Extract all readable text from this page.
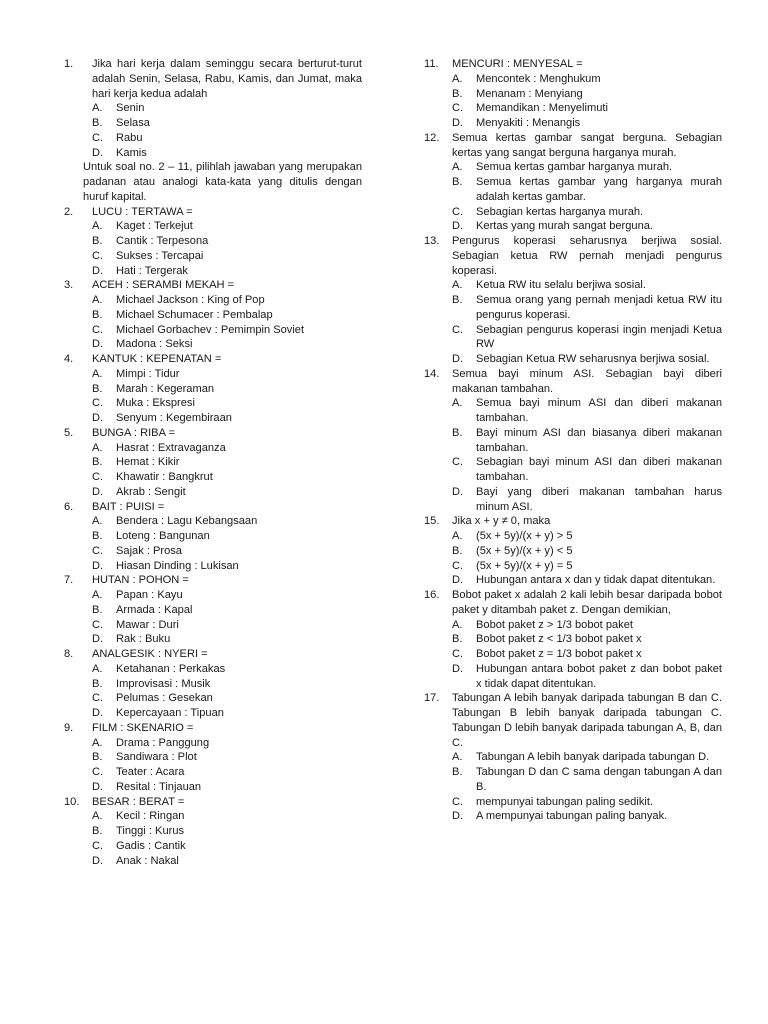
1.	Jika hari kerja dalam seminggu secara berturut-turut adalah Senin, Selasa, Rabu, Kamis, dan Jumat, maka hari kerja kedua adalah
A.	Senin
B.	Selasa
C.	Rabu
D.	Kamis
Untuk soal no. 2 – 11, pilihlah jawaban yang merupakan padanan atau analogi kata-kata yang ditulis dengan huruf kapital.
2.	LUCU : TERTAWA =
A.	Kaget : Terkejut
B.	Cantik : Terpesona
C.	Sukses : Tercapai
D.	Hati : Tergerak
3.	ACEH : SERAMBI MEKAH =
A.	Michael Jackson : King of Pop
B.	Michael Schumacer : Pembalap
C.	Michael Gorbachev : Pemimpin Soviet
D.	Madona : Seksi
4.	KANTUK : KEPENATAN =
A.	Mimpi : Tidur
B.	Marah : Kegeraman
C.	Muka : Ekspresi
D.	Senyum : Kegembiraan
5.	BUNGA : RIBA =
A.	Hasrat : Extravaganza
B.	Hemat : Kikir
C.	Khawatir : Bangkrut
D.	Akrab : Sengit
6.	BAIT : PUISI =
A.	Bendera : Lagu Kebangsaan
B.	Loteng : Bangunan
C.	Sajak : Prosa
D.	Hiasan Dinding : Lukisan
7.	HUTAN : POHON =
A.	Papan : Kayu
B.	Armada : Kapal
C.	Mawar : Duri
D.	Rak : Buku
8.	ANALGESIK : NYERI =
A.	Ketahanan : Perkakas
B.	Improvisasi : Musik
C.	Pelumas : Gesekan
D.	Kepercayaan : Tipuan
9.	FILM : SKENARIO =
A.	Drama : Panggung
B.	Sandiwara : Plot
C.	Teater : Acara
D.	Resital : Tinjauan
10.	BESAR : BERAT =
A.	Kecil : Ringan
B.	Tinggi : Kurus
C.	Gadis : Cantik
D.	Anak : Nakal
11.	MENCURI : MENYESAL =
A.	Mencontek : Menghukum
B.	Menanam : Menyiang
C.	Memandikan : Menyelimuti
D.	Menyakiti : Menangis
12.	Semua kertas gambar sangat berguna. Sebagian kertas yang sangat berguna harganya murah.
A.	Semua kertas gambar harganya murah.
B.	Semua kertas gambar yang harganya murah adalah kertas gambar.
C.	Sebagian kertas harganya murah.
D.	Kertas yang murah sangat berguna.
13.	Pengurus koperasi seharusnya berjiwa sosial. Sebagian ketua RW pernah menjadi pengurus koperasi.
A.	Ketua RW itu selalu berjiwa sosial.
B.	Semua orang yang pernah menjadi ketua RW itu pengurus koperasi.
C.	Sebagian pengurus koperasi ingin menjadi Ketua RW
D.	Sebagian Ketua RW seharusnya berjiwa sosial.
14.	Semua bayi minum ASI. Sebagian bayi diberi makanan tambahan.
A.	Semua bayi minum ASI dan diberi makanan tambahan.
B.	Bayi minum ASI dan biasanya diberi makanan tambahan.
C.	Sebagian bayi minum ASI dan diberi makanan tambahan.
D.	Bayi yang diberi makanan tambahan harus minum ASI.
15.	Jika x + y ≠ 0, maka
A.	(5x + 5y)/(x + y) > 5
B.	(5x + 5y)/(x + y) < 5
C.	(5x + 5y)/(x + y) = 5
D.	Hubungan antara x dan y tidak dapat ditentukan.
16.	Bobot paket x adalah 2 kali lebih besar daripada bobot paket y ditambah paket z. Dengan demikian,
A.	Bobot paket z > 1/3 bobot paket
B.	Bobot paket z < 1/3 bobot paket x
C.	Bobot paket z = 1/3 bobot paket x
D.	Hubungan antara bobot paket z dan bobot paket x tidak dapat ditentukan.
17.	Tabungan A lebih banyak daripada tabungan B dan C. Tabungan B lebih banyak daripada tabungan C. Tabungan D lebih banyak daripada tabungan A, B, dan C.
A.	Tabungan A lebih banyak daripada tabungan D.
B.	Tabungan D dan C sama dengan tabungan A dan B.
C.	mempunyai tabungan paling sedikit.
D.	A mempunyai tabungan paling banyak.
